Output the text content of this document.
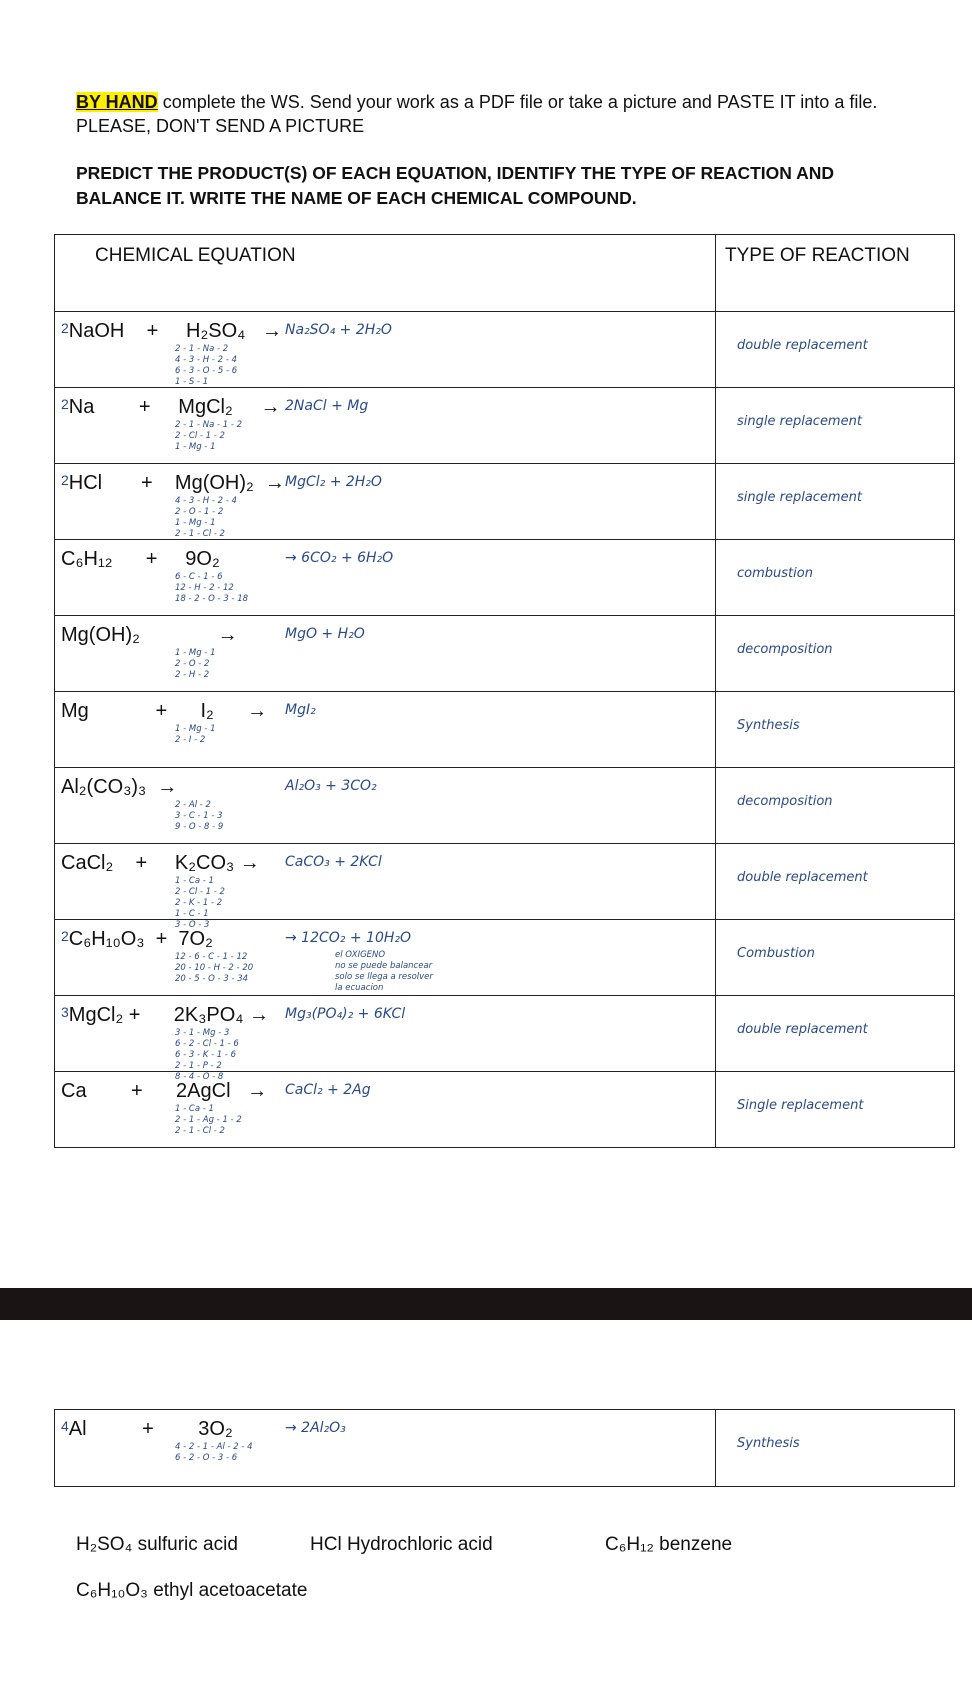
BY HAND complete the WS. Send your work as a PDF file or take a picture and PASTE IT into a file.
PLEASE, DON'T SEND A PICTURE
PREDICT THE PRODUCT(S) OF EACH EQUATION, IDENTIFY THE TYPE OF REACTION AND BALANCE IT. WRITE THE NAME OF EACH CHEMICAL COMPOUND.
CHEMICAL EQUATION	TYPE OF REACTION
$^2$NaOH    +     H₂SO₄   → Na₂SO₄ + 2H₂O
2 - 1 - Na - 2
4 - 3 - H - 2 - 4
6 - 3 - O - 5 - 6
1 - S - 1
double replacement
$^2$Na        +     MgCl₂     → 2NaCl + Mg
2 - 1 - Na - 1 - 2
2 - Cl - 1 - 2
1 - Mg - 1
single replacement
$^2$HCl       +    Mg(OH)₂  → MgCl₂ + 2H₂O
4 - 3 - H - 2 - 4
2 - O - 1 - 2
1 - Mg - 1
2 - 1 - Cl - 2
single replacement
C₆H₁₂      +     9O₂	→ 6CO₂ + 6H₂O
6 - C - 1 - 6
12 - H - 2 - 12
18 - 2 - O - 3 - 18
combustion
Mg(OH)₂              →	MgO + H₂O
1 - Mg - 1
2 - O - 2
2 - H - 2
decomposition
Mg            +      I₂      → MgI₂
1 - Mg - 1
2 - I - 2
Synthesis
Al₂(CO₃)₃  →	Al₂O₃ + 3CO₂
2 - Al - 2
3 - C - 1 - 3
9 - O - 8 - 9
decomposition
CaCl₂    +     K₂CO₃ → CaCO₃ + 2KCl
1 - Ca - 1
2 - Cl - 1 - 2
2 - K - 1 - 2
1 - C - 1
3 - O - 3
double replacement
$^2$C₆H₁₀O₃  +  7O₂	→ 12CO₂ + 10H₂O
12 - 6 - C - 1 - 12
20 - 10 - H - 2 - 20
20 - 5 - O - 3 - 34
el OXIGENO
no se puede balancear
solo se llega a resolver
la ecuacion
Combustion
$^3$MgCl₂ +      2K₃PO₄ → Mg₃(PO₄)₂ + 6KCl
3 - 1 - Mg - 3
6 - 2 - Cl - 1 - 6
6 - 3 - K - 1 - 6
2 - 1 - P - 2
8 - 4 - O - 8
double replacement
Ca        +      2AgCl   → CaCl₂ + 2Ag
1 - Ca - 1
2 - 1 - Ag - 1 - 2
2 - 1 - Cl - 2
Single replacement
$^4$Al          +        3O₂	→ 2Al₂O₃
4 - 2 - 1 - Al - 2 - 4
6 - 2 - O - 3 - 6
Synthesis
H₂SO₄ sulfuric acid	HCl Hydrochloric acid	C₆H₁₂ benzene
C₆H₁₀O₃ ethyl acetoacetate
